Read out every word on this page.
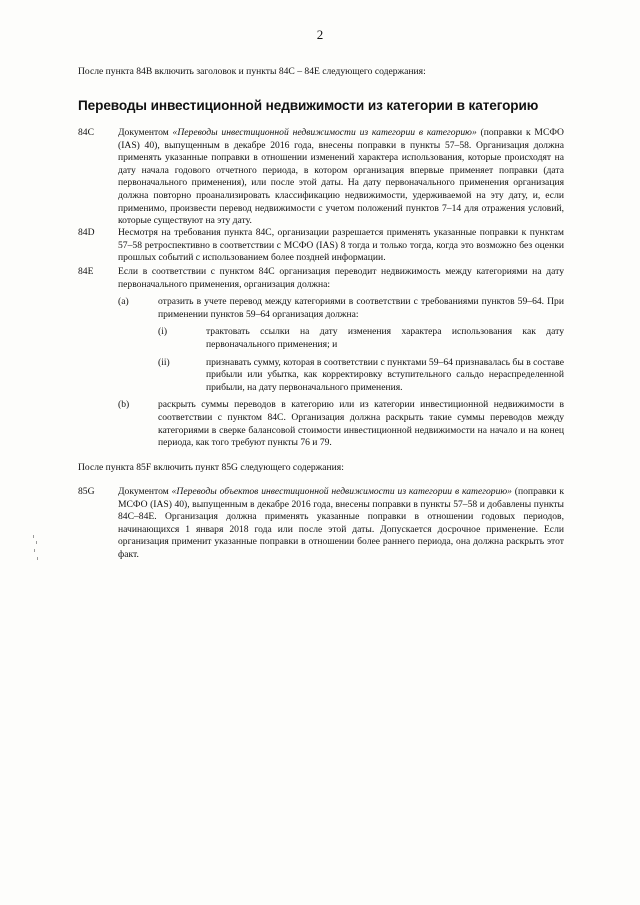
2
После пункта 84B включить заголовок и пункты 84C – 84E следующего содержания:
Переводы инвестиционной недвижимости из категории в категорию
84C	Документом «Переводы инвестиционной недвижимости из категории в категорию» (поправки к МСФО (IAS) 40), выпущенным в декабре 2016 года, внесены поправки в пункты 57–58. Организация должна применять указанные поправки в отношении изменений характера использования, которые происходят на дату начала годового отчетного периода, в котором организация впервые применяет поправки (дата первоначального применения), или после этой даты. На дату первоначального применения организация должна повторно проанализировать классификацию недвижимости, удерживаемой на эту дату, и, если применимо, произвести перевод недвижимости с учетом положений пунктов 7–14 для отражения условий, которые существуют на эту дату.
84D	Несмотря на требования пункта 84C, организации разрешается применять указанные поправки к пунктам 57–58 ретроспективно в соответствии с МСФО (IAS) 8 тогда и только тогда, когда это возможно без оценки прошлых событий с использованием более поздней информации.
84E	Если в соответствии с пунктом 84C организация переводит недвижимость между категориями на дату первоначального применения, организация должна:
(a)	отразить в учете перевод между категориями в соответствии с требованиями пунктов 59–64. При применении пунктов 59–64 организация должна:
(i)	трактовать ссылки на дату изменения характера использования как дату первоначального применения; и
(ii)	признавать сумму, которая в соответствии с пунктами 59–64 признавалась бы в составе прибыли или убытка, как корректировку вступительного сальдо нераспределенной прибыли, на дату первоначального применения.
(b)	раскрыть суммы переводов в категорию или из категории инвестиционной недвижимости в соответствии с пунктом 84C. Организация должна раскрыть такие суммы переводов между категориями в сверке балансовой стоимости инвестиционной недвижимости на начало и на конец периода, как того требуют пункты 76 и 79.
После пункта 85F включить пункт 85G следующего содержания:
85G	Документом «Переводы объектов инвестиционной недвижимости из категории в категорию» (поправки к МСФО (IAS) 40), выпущенным в декабре 2016 года, внесены поправки в пункты 57–58 и добавлены пункты 84C–84E. Организация должна применять указанные поправки в отношении годовых периодов, начинающихся 1 января 2018 года или после этой даты. Допускается досрочное применение. Если организация применит указанные поправки в отношении более раннего периода, она должна раскрыть этот факт.
